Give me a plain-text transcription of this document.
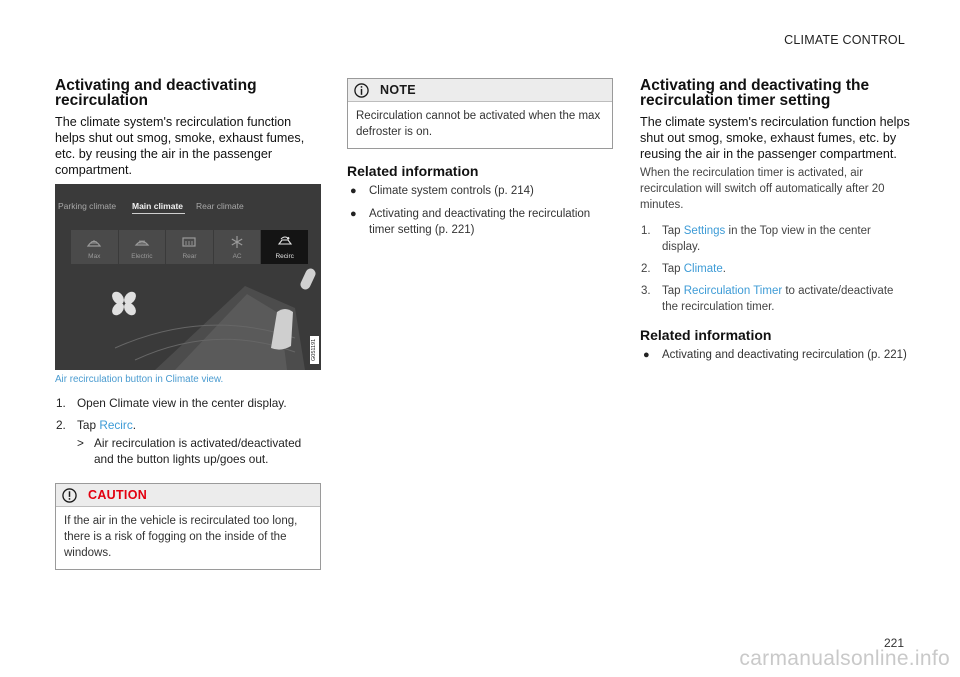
CLIMATE CONTROL
Activating and deactivating recirculation

The climate system's recirculation function helps shut out smog, smoke, exhaust fumes, etc. by reusing the air in the passenger compartment.

Parking climate Main climate Rear climate
Max	Electric	Rear	AC	Recirc
G051191

Air recirculation button in Climate view.

1. Open Climate view in the center display.
2. Tap Recirc.
> Air recirculation is activated/deactivated and the button lights up/goes out.
CAUTION
If the air in the vehicle is recirculated too long, there is a risk of fogging on the inside of the windows.
NOTE
Recirculation cannot be activated when the max defroster is on.
Related information
● Climate system controls (p. 214)
● Activating and deactivating the recirculation timer setting (p. 221)
Activating and deactivating the recirculation timer setting

The climate system's recirculation function helps shut out smog, smoke, exhaust fumes, etc. by reusing the air in the passenger compartment.

When the recirculation timer is activated, air recirculation will switch off automatically after 20 minutes.

1. Tap Settings in the Top view in the center display.
2. Tap Climate.
3. Tap Recirculation Timer to activate/deactivate the recirculation timer.
Related information
● Activating and deactivating recirculation (p. 221)
221
carmanualsonline.info
